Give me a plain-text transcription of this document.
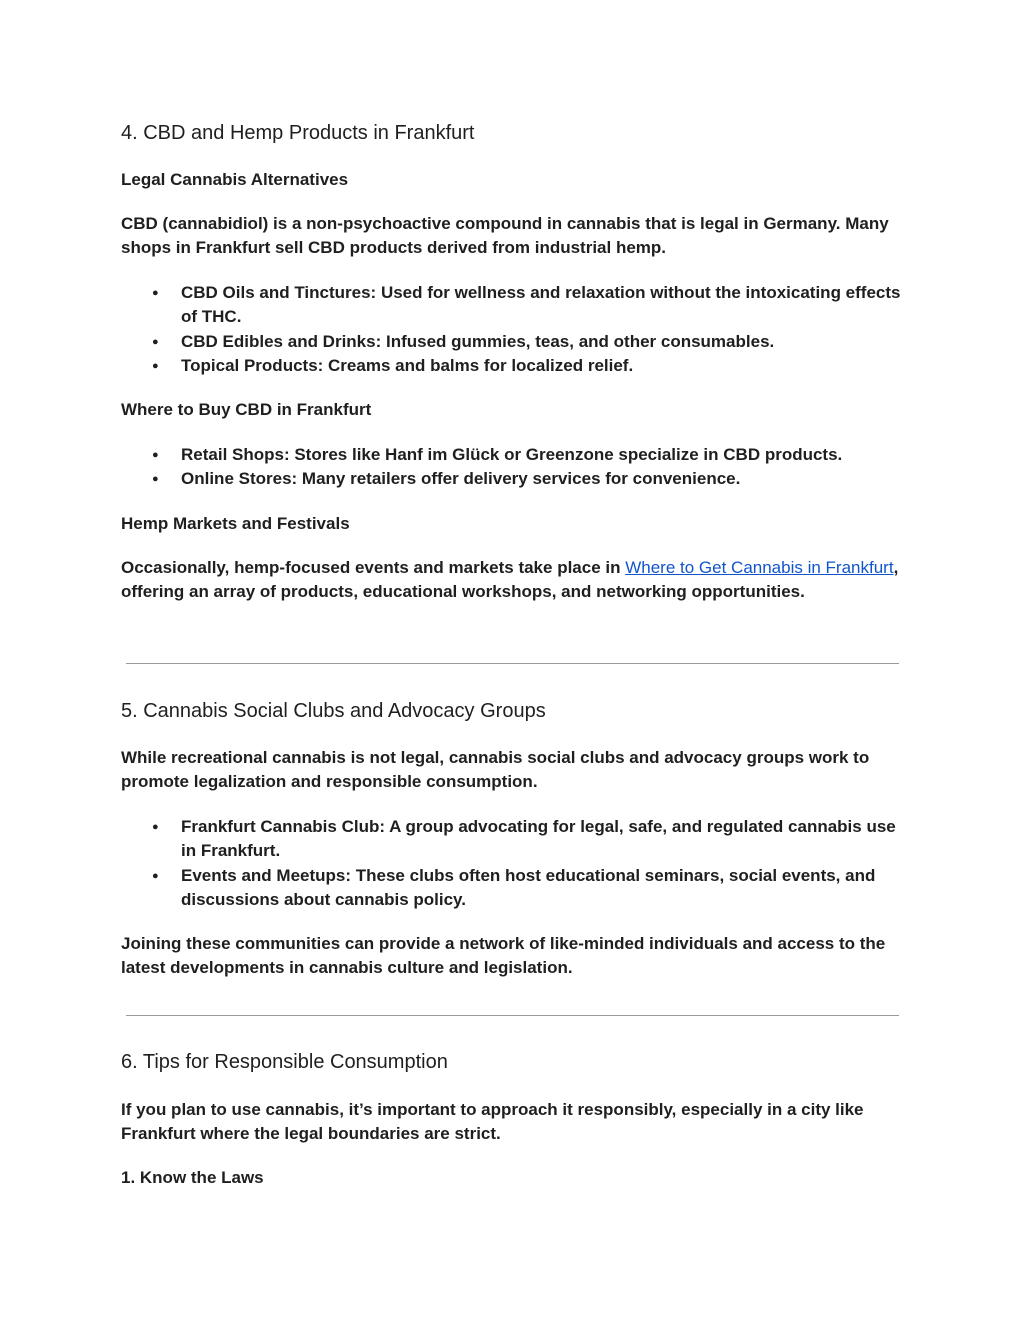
4. CBD and Hemp Products in Frankfurt

Legal Cannabis Alternatives

CBD (cannabidiol) is a non-psychoactive compound in cannabis that is legal in Germany. Many shops in Frankfurt sell CBD products derived from industrial hemp.

● CBD Oils and Tinctures: Used for wellness and relaxation without the intoxicating effects of THC.
● CBD Edibles and Drinks: Infused gummies, teas, and other consumables.
● Topical Products: Creams and balms for localized relief.

Where to Buy CBD in Frankfurt

● Retail Shops: Stores like Hanf im Glück or Greenzone specialize in CBD products.
● Online Stores: Many retailers offer delivery services for convenience.

Hemp Markets and Festivals

Occasionally, hemp-focused events and markets take place in Where to Get Cannabis in Frankfurt, offering an array of products, educational workshops, and networking opportunities.

5. Cannabis Social Clubs and Advocacy Groups

While recreational cannabis is not legal, cannabis social clubs and advocacy groups work to promote legalization and responsible consumption.

● Frankfurt Cannabis Club: A group advocating for legal, safe, and regulated cannabis use in Frankfurt.
● Events and Meetups: These clubs often host educational seminars, social events, and discussions about cannabis policy.

Joining these communities can provide a network of like-minded individuals and access to the latest developments in cannabis culture and legislation.

6. Tips for Responsible Consumption

If you plan to use cannabis, it’s important to approach it responsibly, especially in a city like Frankfurt where the legal boundaries are strict.

1. Know the Laws
